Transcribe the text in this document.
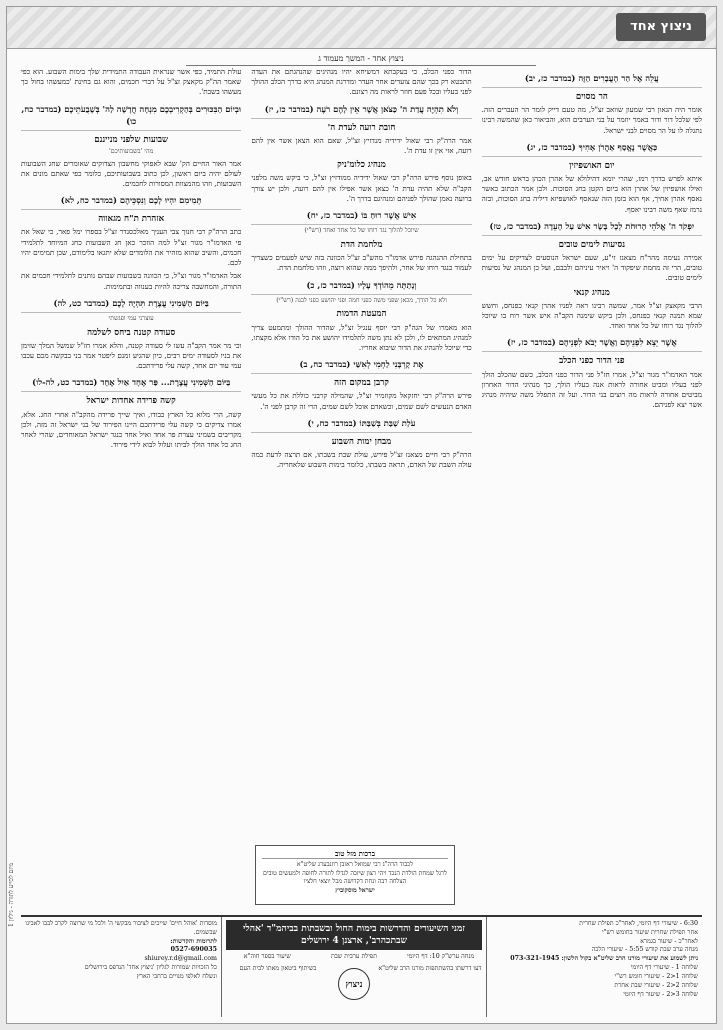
ניצוץ אחד
ניצוץ אחד - המשך מעמוד ג
עֲלֵה אֶל הַר הָעֲבָרִים הַזֶּה (במדבר כז, יב)
הר מסוים

אומר היה הגאון רבי שמעון שוואב זצ"ל, מה טעם דייק לומר הר העברים הזה. לפי שלכל דור ודור באמר יוזמר על בני הערבים הוא, והביאור כאן שהמשה רבינו נתגלה לו על הר מסוים לבני ישראל.

כַּאֲשֶׁר נֶאֱסַף אַהֲרֹן אָחִיךָ (במדבר כז, יג)
יום האושפיזין

איתא לפרש בדרך רמז, שהרי יומא דהילולא של אהרן הכהן בראש חודש אב, ואילו אושפיזין של אהרן הוא ביום הקטן בחג הסוכות. ולכן אמר הכתוב כאשר נאסף אהרן אחיך, אף הוא בזמן הזה שנאסף לאושפיזא דיליה בחג הסוכות, ובזה נרמז שאף משה רבינו יאסף.

יִפְקֹד ה' אֱלֹהֵי הָרוּחֹת לְכָל בָּשָׂר אִישׁ עַל הָעֵדָה (במדבר כז, טז)
נסיעות לימים טובים

אמירה נעימה מהר"ח מצאנז זי"ע, שעם ישראל הנוסעים לצדיקים על ימים טובים, הרי זה מחמת שיפקוד ה' ויאיר עיניהם ולבבם, ועל כן המנהג של נסיעות לימים טובים.

מנהיג קנאי

הרבי מקאצק זצ"ל אמר, שמשה רבינו ראה לפניו אהרן קנאי כפנחס, וחשש שמא תמנה קנאי כפנחס, ולכן ביקש שימנה הקב"ה איש אשר רוח בו שיוכל להלוך נגד רוחו של כל אחד ואחד.

אֲשֶׁר יֵצֵא לִפְנֵיהֶם וַאֲשֶׁר יָבֹא לִפְנֵיהֶם (במדבר כז, יז)
פני הדור כפני הכלב

אמר האדמו"ר מגור זצ"ל, אמרו חז"ל פני הדור כפני הכלב, כשם שהכלב הולך לפני בעליו ומביט אחורה לראות אנה בעליו הולך, כך מנהיגי הדור האחרון מביטים אחורה לראות מה רוצים בני הדור. ועל זה התפלל משה שיהיה מנהיג אשר יצא לפניהם.

הדור כפני הכלב, כי בעקבתא דמשיחא יהיו מנהיגים שהנהגתם את העדה תתבטא רק בכך שהם צועדים אחר העדר ומדרגת המנהג היא כדרך הכלב ההולך לפני בעליו ובכל פעם חוזר לראות מה רצונם.

וְלֹא תִהְיֶה עֲדַת ה' כַּצֹּאן אֲשֶׁר אֵין לָהֶם רֹעֶה (במדבר כז, יז)
חובת רועה לעדת ה'

אמר הרה"ק רבי שאול ידידיה מנדזיץ זצ"ל, שאם הוא הצאן אשר אין להם רועה, אזי אין זו עדת ה'.

מנהיג כלומ'ניק

באופן נוסף פירש הרה"ק רבי שאול ידידיה ממודזיץ זצ"ל, כי ביקש משה מלפני הקב"ה שלא תהיה עדת ה' כצאן אשר אפילו אין להם רועה, ולכן יש צורך ברועה נאמן שהולך לפניהם ומנהיגם בדרך ה'.

אִישׁ אֲשֶׁר רוּחַ בּוֹ (במדבר כז, יח)
שיוכל להלוך נגד רוחו של כל אחד ואחד (רש"י)
מלחמת הדת

בתחילת ההנהגה פירש אדמו"ר מהש"ב זצ"ל הכוונה בזה שיש לפעמים כשצריך לעמוד כנגד רוחו של אחר, ולהיפך ממה שהוא רוצה, וזהו מלחמת הדת.

וְנָתַתָּה מֵהוֹדְךָ עָלָיו (במדבר כז, כ)
ולא כל הודך, מכאן שפני משה כפני חמה ופני יהושע כפני לבנה (רש"י)
המעטת הדמות

הוא מאמרו של הגה"ק רבי יוסף ענגיל זצ"ל, שהדור ההולך ומתמעט צריך למנהיג המתאים לו, ולכן לא נתן משה לתלמידו יהושע את כל הודו אלא מקצתו, כדי שיוכל להנהיג את הדור שיבוא אחריו.

אֶת קָרְבָּנִי לַחְמִי לְאִשַּׁי (במדבר כח, ב)
קרבן במקום הזה

פירש הרה"ק רבי יחזקאל מקוזמיר זצ"ל, שהמילה קרבני כוללת את כל מעשי האדם הנעשים לשם שמים, וכשאדם אוכל לשם שמים, הרי זה קרבן לפני ה'.

עֹלַת שַׁבַּת בְּשַׁבַּתּוֹ (במדבר כח, י)
מבחן ימות השבוע

הרה"ק רבי חיים מצאנז זצ"ל פירש, עולת שבת בשבתו, אם תרצה לדעת כמה עולה השבת של האדם, תראה בשבתו, כלומר בימות השבוע שלאחריה.

עולת התמיד, כפי אשר שנראית העבודה התמידית שלך בימות השבוע. הוא כפי שאמר הה"ק מקאצק זצ"ל על דברי חכמים, והוא גם בחינת 'כמעשהו בחול כך מעשהו בשבת'.

וּבְיוֹם הַבִּכּוּרִים בְּהַקְרִיבְכֶם מִנְחָה חֲדָשָׁה לַה' בְּשָׁבֻעֹתֵיכֶם (במדבר כח, כו)
שבועות שלפני מנייננם
מהי 'בשבועותיכם'

אמר האור החיים הק' שבא לאפוקי מחשבון הצדוקים שאומרים שחג השבועות לעולם יהיה ביום ראשון, לכן כתוב בשבועותיכם, כלומר כפי שאתם מונים את השבועות, וזהו מהמצוות המסורות לחכמים.

תְּמִימִם יִהְיוּ לָכֶם וְנִסְכֵּיהֶם (במדבר כח, לא)
אזהרת ת"ח מגאווה

כתב הרה"ק רבי חנוך צבי העניך מאלכסנדר זצ"ל בספרו ימל פאר, כי שאל את פי האדמו"ר מגור זצ"ל למה הוזכר כאן חג השבועות כחג המיוחד לתלמידי חכמים, והשיב שהוא מזהיר את הלומדים שלא יתגאו בלימודם, שכן תמימים יהיו לכם.

אבל האדמו"ר מגור זצ"ל, כי הכוונה בשבועות שבהם נותנים לתלמידי חכמים את התורה, והמחשבה צריכה להיות בענווה ובתמימות.

בַּיּוֹם הַשְּׁמִינִי עֲצֶרֶת תִּהְיֶה לָכֶם (במדבר כט, לה)
עוצרני עמי ופגשתי
סעודה קטנה ביחס לשלמה

וכי מר אמר הקב"ה עשו לי סעודה קטנה, והלא אמרו חז"ל שמשל המלך שזימן את בניו לסעודה ימים רבים, כיון שהגיע זמנם ליפטר אמר בני בבקשה מכם עכבו עמי עוד יום אחד, קשה עלי פרידתכם.

בַּיּוֹם הַשְּׁמִינִי עֲצֶרֶת... פַּר אֶחָד אַיִל אֶחָד (במדבר כט, לה-לו)
קשה פרידה אחדות ישראל

קשה, הרי מלוא כל הארץ כבודו, ואיך שייך פרידה מהקב"ה אחרי החג. אלא, אמרו צדיקים כי קשה עלי פרידתכם היינו הפירוד של בני ישראל זה מזה, ולכן מקריבים בשמיני עצרת פר אחד ואיל אחד כנגד ישראל המאוחדים, שהרי לאחר החג כל אחד הולך לביתו ועלול לבוא לידי פירוד.

ברכות מזל טוב
לכבוד הרה"ג רבי שמואל ראובן רוזנבערג שליט"א
לרגל שמחת הולדת הנכד ויהי רצון שיזכה לגדלו לתורה לחופה ולמעשים טובים
הצלחה רבה ונחת דקדושה מכל יוצאי חלציו
ישראל מוסקוביץ
מיזם לסייע לתורה - גיליון 1
6:30 - שיעורי דף היומי, לאחר"כ תפילת שחרית
אחר תפילת שחרית שיעור בחומש רש"י
לאחר"כ - שיעור בגמרא
מנחה ערב שבת קודש 5:55 - שיעורי הלכה
ניתן לשמוע את שיעורי מורנו הרב שליט"א בקול הלשון: 073-321-1945
שלוחה 1 - שיעורי דף היומי
שלוחה 1<2 - שיעורי חומש רש"י
שלוחה 2<2 - שיעורי שבת אחרת
שלוחה 3<2 - שיעור דף היומי
זמני השיעורים והדרשות בימות החול ובשבתות בביהמ"ד 'אהלי שבתכהרב', ארצנן 4 ירושלים
מנחה ערש"ק 10: דף היומי
תפילת ערבית שבת
שיעור בספר חוה"א
דעו דרשתו בהשתתפות מורנו הרב שליט"א
ניצוץ
בשיתוף ביטאון מאתו לבית העם
מוסדות 'אוהל חיים' שייכים לציבור מבקשי ה' ולכל מי שרוצה לקרב לבבו לאבינו שבשמים.
לתרומות והקדשות:
0527-690035
shiurey.r.d@gmail.com
כל הזכויות שמורות לגליון 'ניצוץ אחד' הנדפס בירושלים
ונשלח לאלפי מנויים ברחבי הארץ
